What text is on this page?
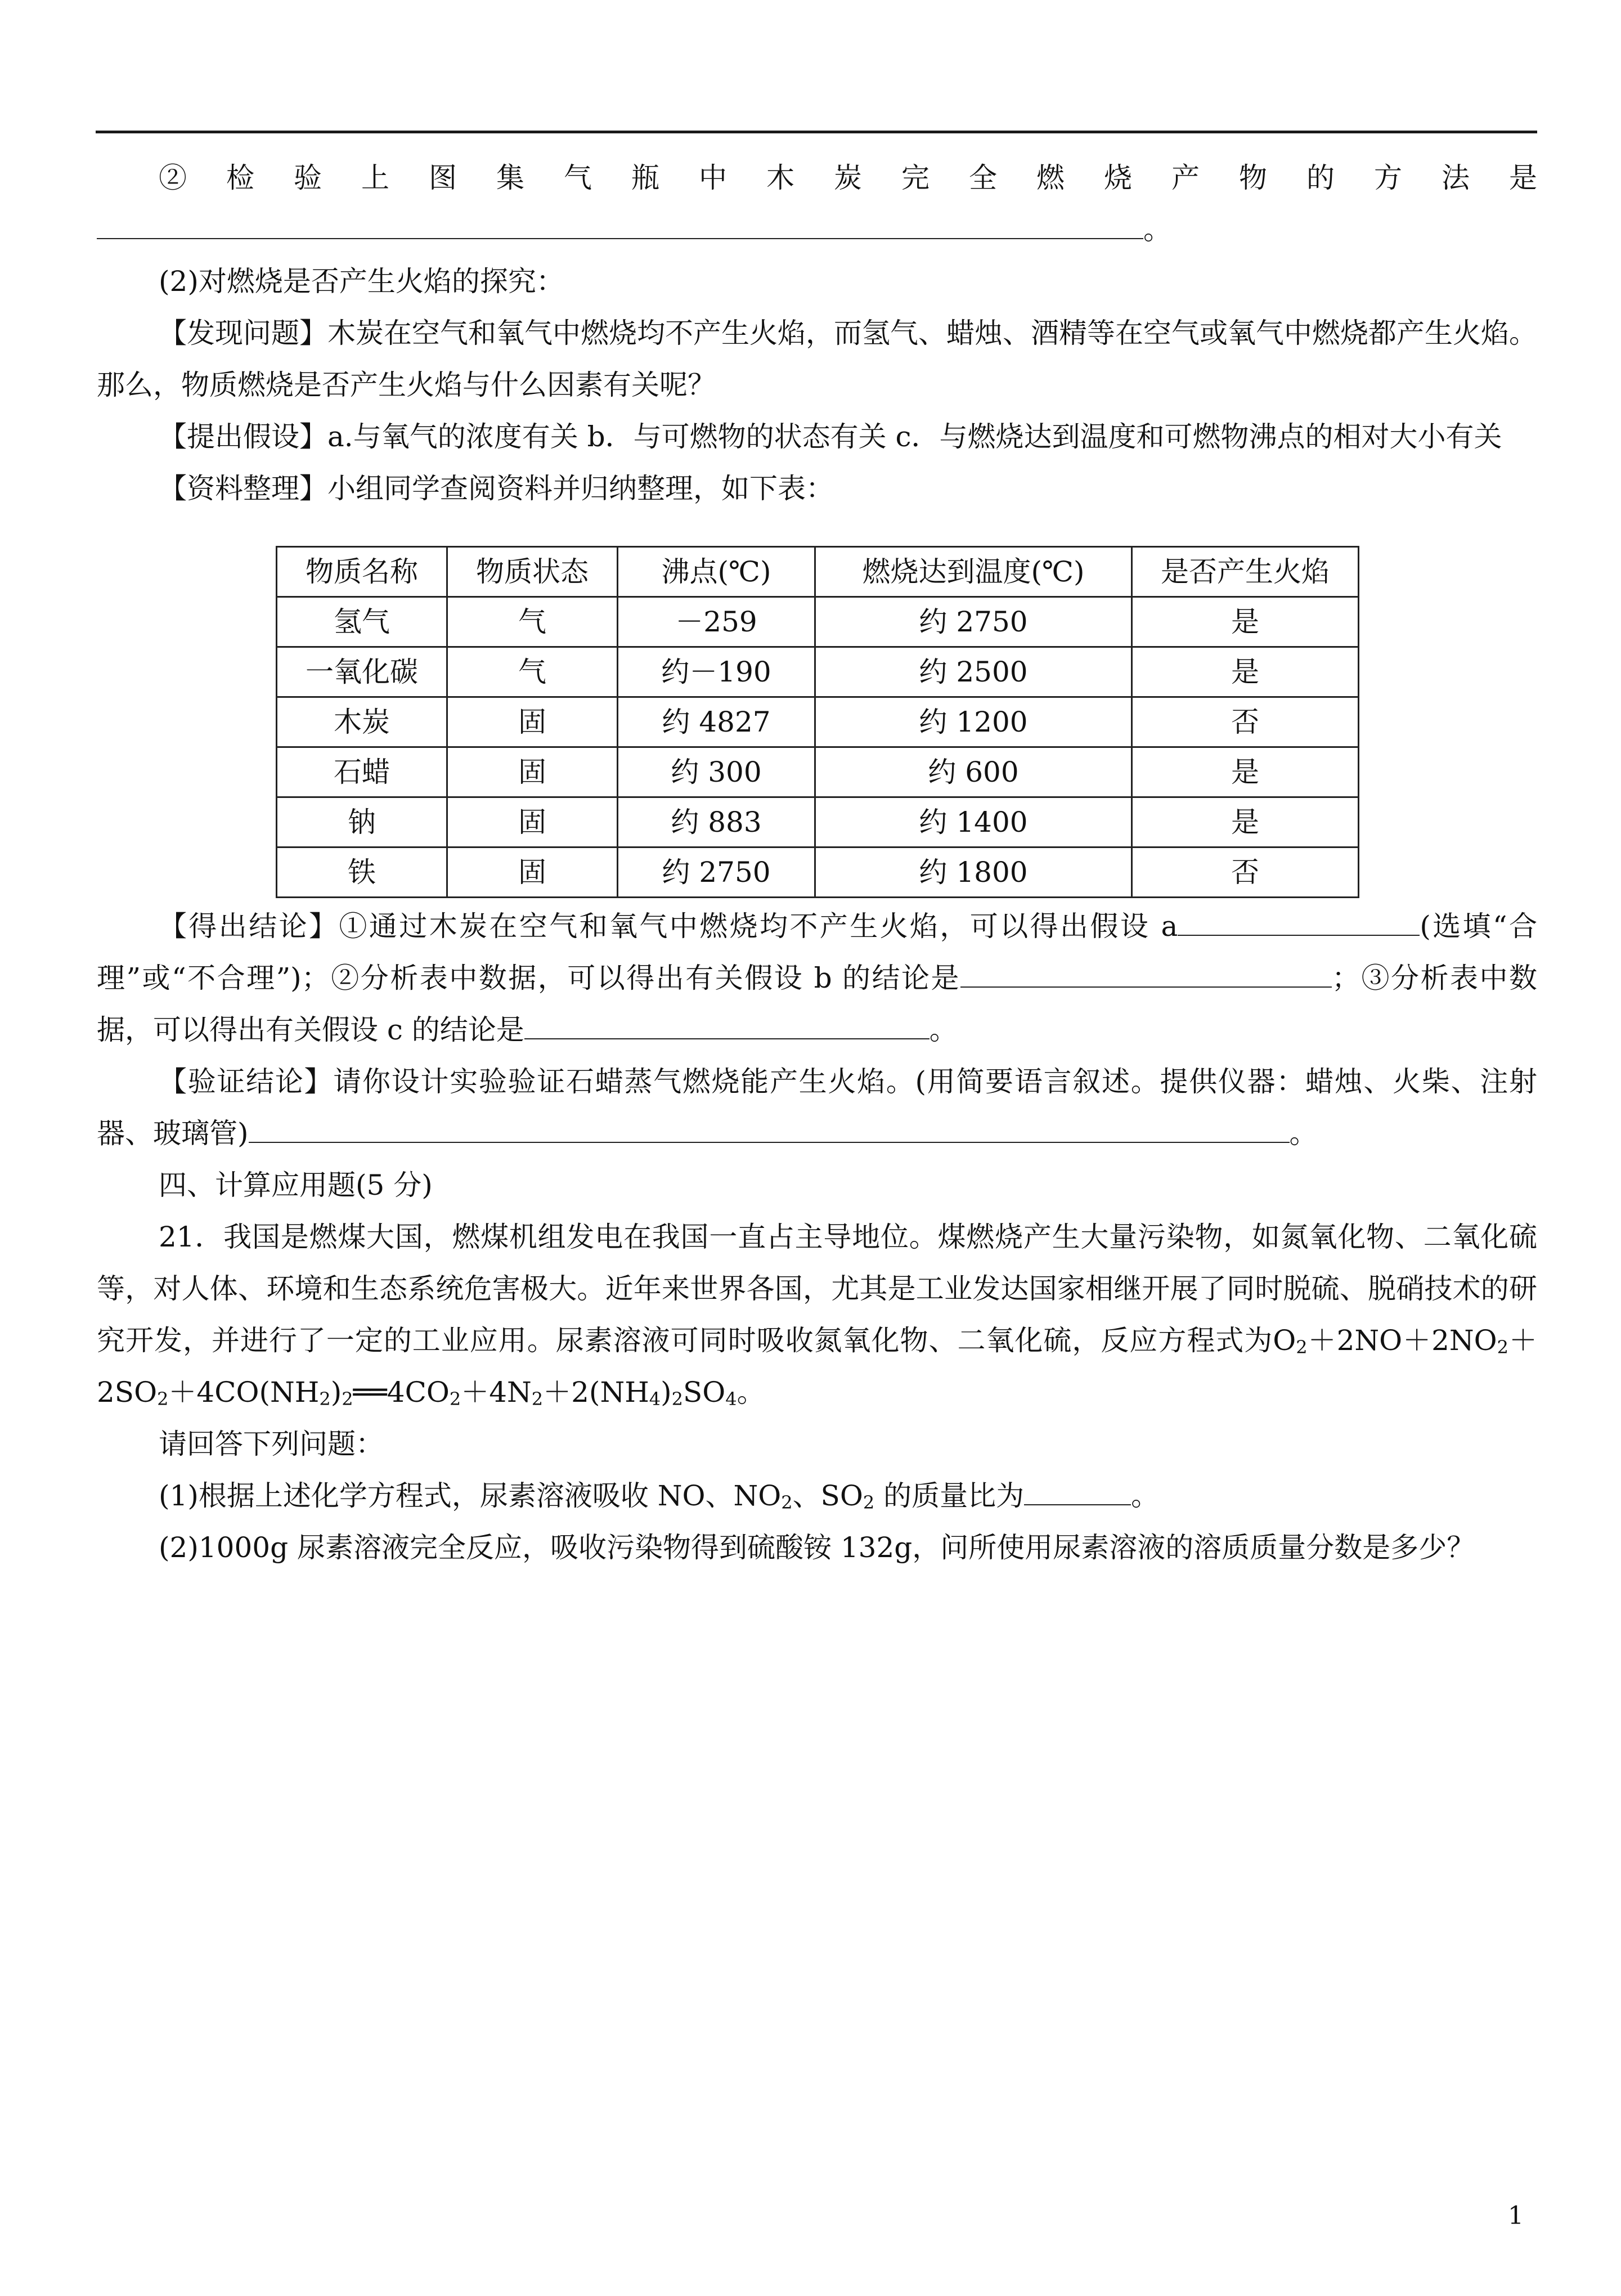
② 检 验 上 图 集 气 瓶 中 木 炭 完 全 燃 烧 产 物 的 方 法 是

。

(2)对燃烧是否产生火焰的探究：

【发现问题】木炭在空气和氧气中燃烧均不产生火焰，而氢气、蜡烛、酒精等在空气或氧气中燃烧都产生火焰。那么，物质燃烧是否产生火焰与什么因素有关呢？

【提出假设】a.与氧气的浓度有关 b．与可燃物的状态有关 c．与燃烧达到温度和可燃物沸点的相对大小有关

【资料整理】小组同学查阅资料并归纳整理，如下表：

物质名称	物质状态	沸点(℃)	燃烧达到温度(℃)	是否产生火焰
氢气	气	－259	约 2750	是
一氧化碳	气	约－190	约 2500	是
木炭	固	约 4827	约 1200	否
石蜡	固	约 300	约 600	是
钠	固	约 883	约 1400	是
铁	固	约 2750	约 1800	否

【得出结论】①通过木炭在空气和氧气中燃烧均不产生火焰，可以得出假设 a	(选填“合理”或“不合理”)；②分析表中数据，可以得出有关假设 b 的结论是	；③分析表中数据，可以得出有关假设 c 的结论是	。

【验证结论】请你设计实验验证石蜡蒸气燃烧能产生火焰。(用简要语言叙述。提供仪器：蜡烛、火柴、注射器、玻璃管)	。

四、计算应用题(5 分)

21．我国是燃煤大国，燃煤机组发电在我国一直占主导地位。煤燃烧产生大量污染物，如氮氧化物、二氧化硫等，对人体、环境和生态系统危害极大。近年来世界各国，尤其是工业发达国家相继开展了同时脱硫、脱硝技术的研究开发，并进行了一定的工业应用。尿素溶液可同时吸收氮氧化物、二氧化硫，反应方程式为$O_2+2NO+2NO_2+2SO_2+4CO(NH_2)_2══4CO_2+4N_2+2(NH_4)_2SO_4$。

请回答下列问题：

(1)根据上述化学方程式，尿素溶液吸收 NO、$NO_2$、$SO_2$ 的质量比为	。

(2)1000g 尿素溶液完全反应，吸收污染物得到硫酸铵 132g，问所使用尿素溶液的溶质质量分数是多少？

1
